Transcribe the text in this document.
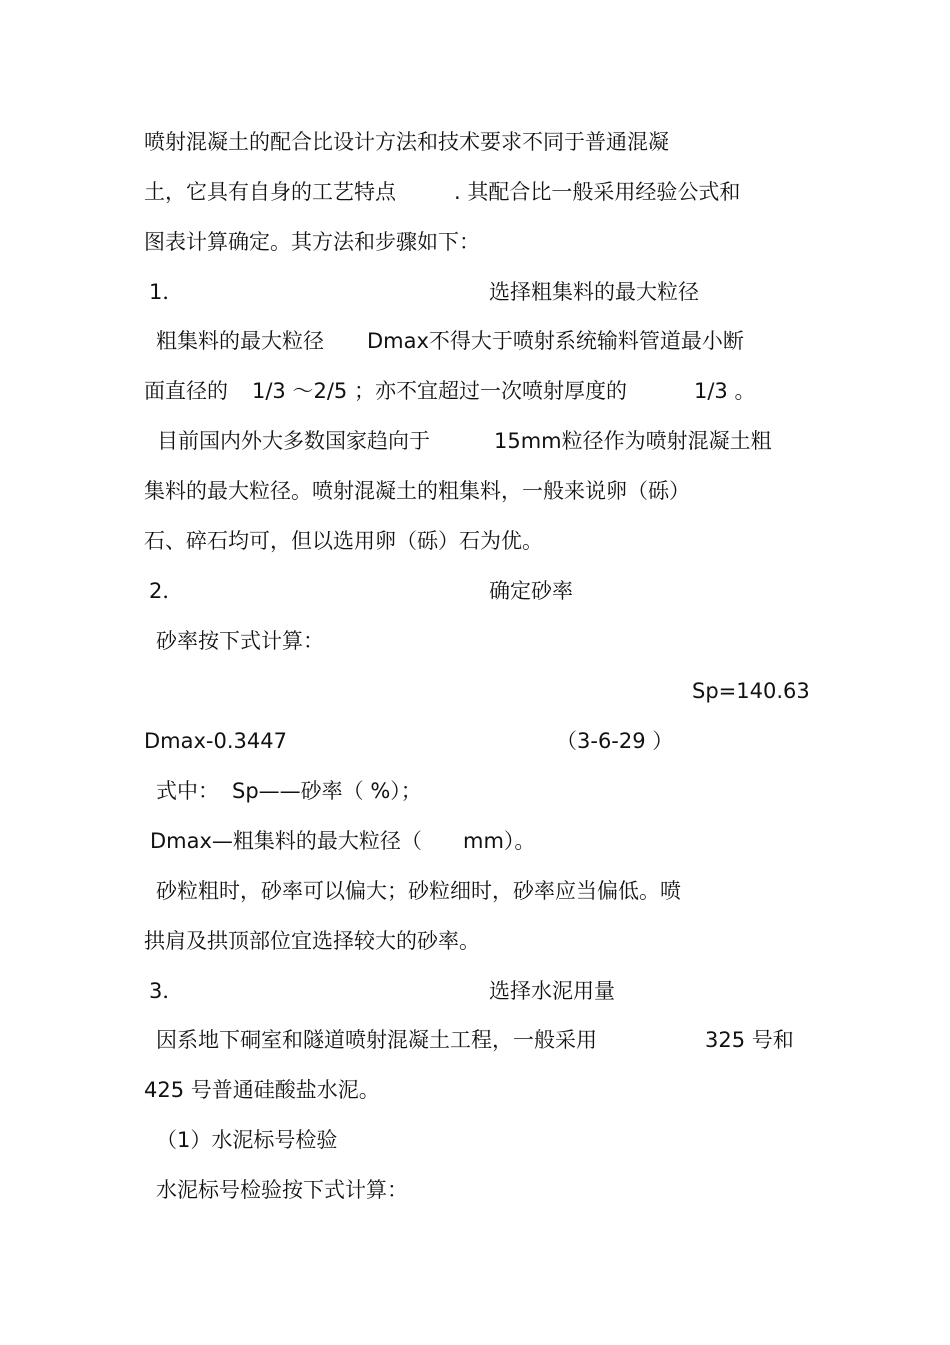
喷射混凝土的配合比设计方法和技术要求不同于普通混凝
土，它具有自身的工艺特点	. 其配合比一般采用经验公式和
图表计算确定。其方法和步骤如下：
1．	选择粗集料的最大粒径
粗集料的最大粒径 Dmax不得大于喷射系统输料管道最小断
面直径的 1/3 ～2/5 ；亦不宜超过一次喷射厚度的	1/3 。
目前国内外大多数国家趋向于	15mm粒径作为喷射混凝土粗
集料的最大粒径。喷射混凝土的粗集料，一般来说卵（砾）
石、碎石均可，但以选用卵（砾）石为优。
2．	确定砂率
砂率按下式计算：
Sp=140.63
Dmax-0.3447	（3-6-29 ）
式中： Sp——砂率（ %）；
Dmax—粗集料的最大粒径（ mm）。
砂粒粗时，砂率可以偏大；砂粒细时，砂率应当偏低。喷
拱肩及拱顶部位宜选择较大的砂率。
3．	选择水泥用量
因系地下硐室和隧道喷射混凝土工程，一般采用	325 号和
425 号普通硅酸盐水泥。
（1）水泥标号检验
水泥标号检验按下式计算：
